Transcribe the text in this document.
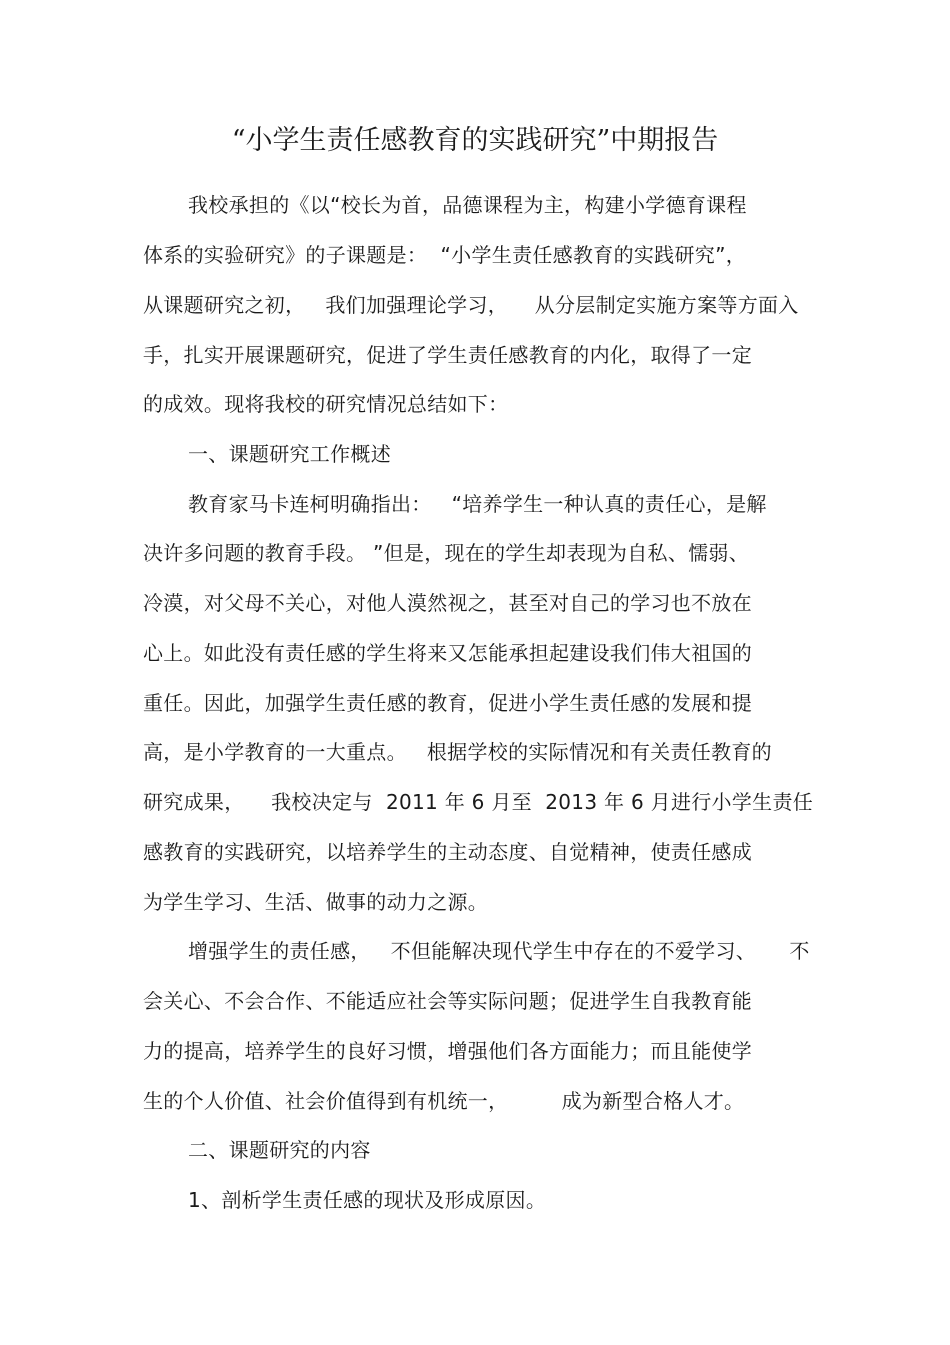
“小学生责任感教育的实践研究”中期报告
我校承担的《以“校长为首，品德课程为主，构建小学德育课程
体系的实验研究》的子课题是：  “小学生责任感教育的实践研究”，
从课题研究之初，   我们加强理论学习，    从分层制定实施方案等方面入
手，扎实开展课题研究，促进了学生责任感教育的内化，取得了一定
的成效。现将我校的研究情况总结如下：
一、课题研究工作概述
教育家马卡连柯明确指出：   “培养学生一种认真的责任心，是解
决许多问题的教育手段。 ”但是，现在的学生却表现为自私、懦弱、
冷漠，对父母不关心，对他人漠然视之，甚至对自己的学习也不放在
心上。如此没有责任感的学生将来又怎能承担起建设我们伟大祖国的
重任。因此，加强学生责任感的教育，促进小学生责任感的发展和提
高，是小学教育的一大重点。   根据学校的实际情况和有关责任教育的
研究成果，    我校决定与  2011 年 6 月至  2013 年 6 月进行小学生责任
感教育的实践研究，以培养学生的主动态度、自觉精神，使责任感成
为学生学习、生活、做事的动力之源。
增强学生的责任感，   不但能解决现代学生中存在的不爱学习、     不
会关心、不会合作、不能适应社会等实际问题；促进学生自我教育能
力的提高，培养学生的良好习惯，增强他们各方面能力；而且能使学
生的个人价值、社会价值得到有机统一，        成为新型合格人才。
二、课题研究的内容
1、剖析学生责任感的现状及形成原因。
